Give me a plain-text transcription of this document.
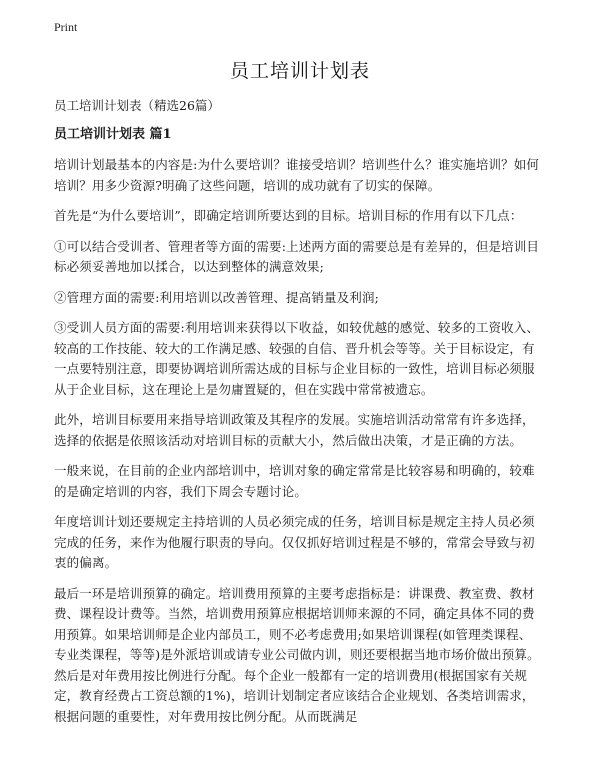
Print
员工培训计划表

员工培训计划表（精选26篇）

员工培训计划表 篇1

培训计划最基本的内容是:为什么要培训？谁接受培训？培训些什么？谁实施培训？如何培训？用多少资源?明确了这些问题，培训的成功就有了切实的保障。

首先是“为什么要培训”，即确定培训所要达到的目标。培训目标的作用有以下几点：

①可以结合受训者、管理者等方面的需要:上述两方面的需要总是有差异的，但是培训目标必须妥善地加以揉合，以达到整体的满意效果;

②管理方面的需要:利用培训以改善管理、提高销量及利润;

③受训人员方面的需要:利用培训来获得以下收益，如较优越的感觉、较多的工资收入、较高的工作技能、较大的工作满足感、较强的自信、晋升机会等等。关于目标设定，有一点要特别注意，即要协调培训所需达成的目标与企业目标的一致性，培训目标必须服从于企业目标，这在理论上是勿庸置疑的，但在实践中常常被遗忘。

此外，培训目标要用来指导培训政策及其程序的发展。实施培训活动常常有许多选择，选择的依据是依照该活动对培训目标的贡献大小，然后做出决策，才是正确的方法。

一般来说，在目前的企业内部培训中，培训对象的确定常常是比较容易和明确的，较难的是确定培训的内容，我们下周会专题讨论。

年度培训计划还要规定主持培训的人员必须完成的任务，培训目标是规定主持人员必须完成的任务，来作为他履行职责的导向。仅仅抓好培训过程是不够的，常常会导致与初衷的偏离。

最后一环是培训预算的确定。培训费用预算的主要考虑指标是：讲课费、教室费、教材费、课程设计费等。当然，培训费用预算应根据培训师来源的不同，确定具体不同的费用预算。如果培训师是企业内部员工，则不必考虑费用;如果培训课程(如管理类课程、专业类课程，等等)是外派培训或请专业公司做内训，则还要根据当地市场价做出预算。然后是对年费用按比例进行分配。每个企业一般都有一定的培训费用(根据国家有关规定，教育经费占工资总额的1%)，培训计划制定者应该结合企业规划、各类培训需求，根据问题的重要性，对年费用按比例分配。从而既满足
